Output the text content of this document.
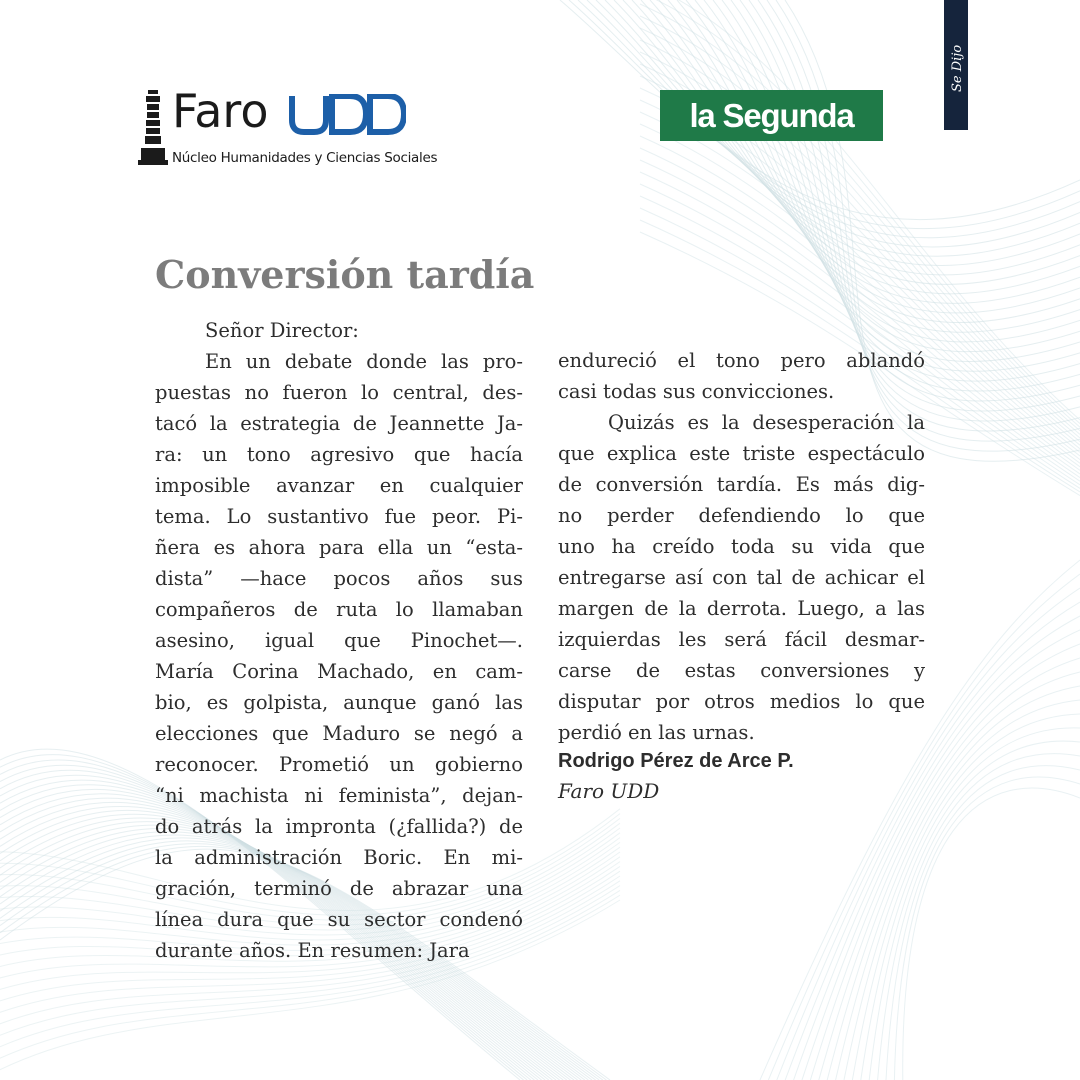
Se Dijo
Faro
Núcleo Humanidades y Ciencias Sociales
la Segunda
Conversión tardía
Señor Director:
En un debate donde las pro-
puestas no fueron lo central, des-
tacó la estrategia de Jeannette Ja-
ra: un tono agresivo que hacía
imposible avanzar en cualquier
tema. Lo sustantivo fue peor. Pi-
ñera es ahora para ella un “esta-
dista” —hace pocos años sus
compañeros de ruta lo llamaban
asesino, igual que Pinochet—.
María Corina Machado, en cam-
bio, es golpista, aunque ganó las
elecciones que Maduro se negó a
reconocer. Prometió un gobierno
“ni machista ni feminista”, dejan-
do atrás la impronta (¿fallida?) de
la administración Boric. En mi-
gración, terminó de abrazar una
línea dura que su sector condenó
durante años. En resumen: Jara
endureció el tono pero ablandó
casi todas sus convicciones.
Quizás es la desesperación la
que explica este triste espectáculo
de conversión tardía. Es más dig-
no perder defendiendo lo que
uno ha creído toda su vida que
entregarse así con tal de achicar el
margen de la derrota. Luego, a las
izquierdas les será fácil desmar-
carse de estas conversiones y
disputar por otros medios lo que
perdió en las urnas.
Rodrigo Pérez de Arce P.
Faro UDD
